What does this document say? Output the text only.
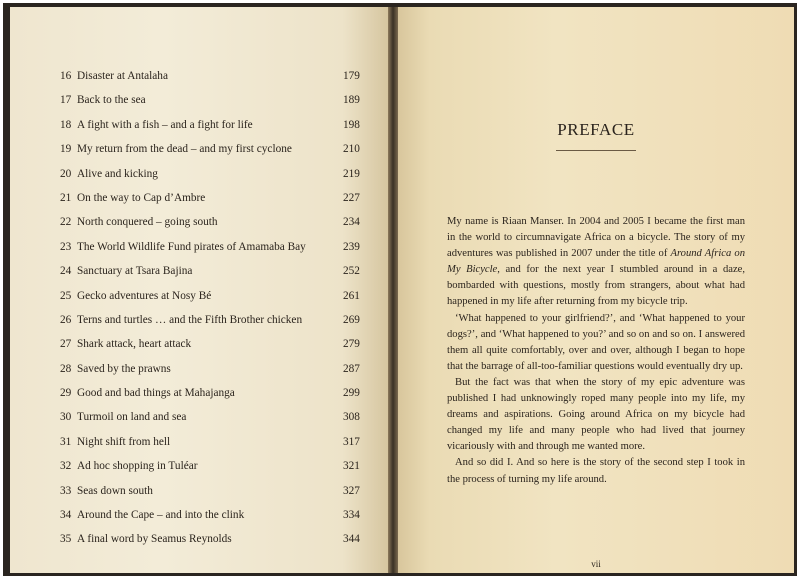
16 Disaster at Antalaha	179
17 Back to the sea	189
18 A fight with a fish – and a fight for life	198
19 My return from the dead – and my first cyclone	210
20 Alive and kicking	219
21 On the way to Cap d’Ambre	227
22 North conquered – going south	234
23 The World Wildlife Fund pirates of Amamaba Bay	239
24 Sanctuary at Tsara Bajina	252
25 Gecko adventures at Nosy Bé	261
26 Terns and turtles … and the Fifth Brother chicken	269
27 Shark attack, heart attack	279
28 Saved by the prawns	287
29 Good and bad things at Mahajanga	299
30 Turmoil on land and sea	308
31 Night shift from hell	317
32 Ad hoc shopping in Tuléar	321
33 Seas down south	327
34 Around the Cape – and into the clink	334
35 A final word by Seamus Reynolds	344
PREFACE

My name is Riaan Manser. In 2004 and 2005 I became the first man in the world to circumnavigate Africa on a bicycle. The story of my adventures was published in 2007 under the title of Around Africa on My Bicycle, and for the next year I stumbled around in a daze, bombarded with questions, mostly from strangers, about what had happened in my life after returning from my bicycle trip.

‘What happened to your girlfriend?’, and ‘What happened to your dogs?’, and ‘What happened to you?’ and so on and so on. I answered them all quite comfortably, over and over, although I began to hope that the barrage of all-too-familiar questions would eventually dry up.

But the fact was that when the story of my epic adventure was published I had unknowingly roped many people into my life, my dreams and aspirations. Going around Africa on my bicycle had changed my life and many people who had lived that journey vicariously with and through me wanted more.

And so did I. And so here is the story of the second step I took in the process of turning my life around.

vii
